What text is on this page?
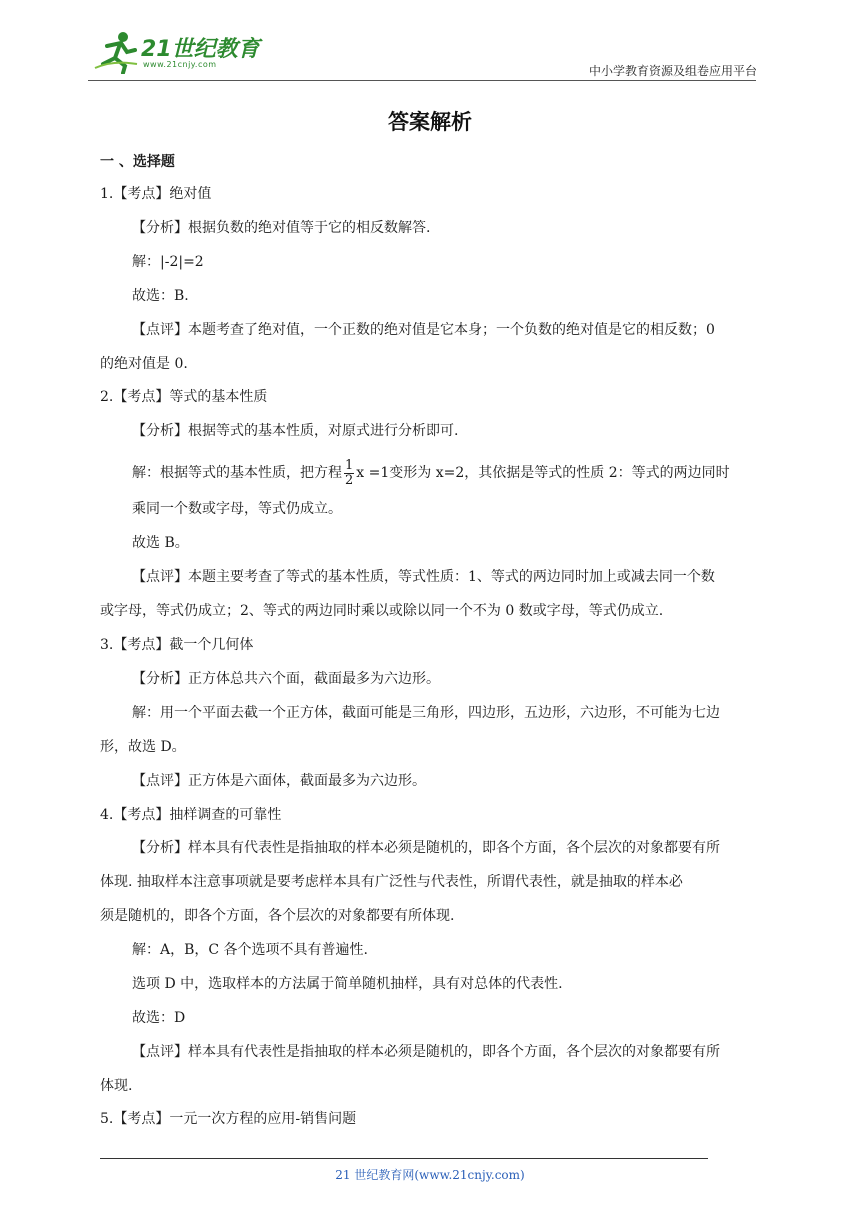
21世纪教育
www.21cnjy.com	中小学教育资源及组卷应用平台
答案解析
一 、选择题
1.【考点】绝对值
【分析】根据负数的绝对值等于它的相反数解答.
解：|-2|=2
故选：B.
【点评】本题考查了绝对值，一个正数的绝对值是它本身；一个负数的绝对值是它的相反数；0
的绝对值是 0.
2.【考点】等式的基本性质
【分析】根据等式的基本性质，对原式进行分析即可.
解：根据等式的基本性质，把方程 $\frac{1}{2}$ x =1变形为 x=2，其依据是等式的性质 2：等式的两边同时
乘同一个数或字母，等式仍成立。
故选 B。
【点评】本题主要考查了等式的基本性质，等式性质：1、等式的两边同时加上或减去同一个数
或字母，等式仍成立；2、等式的两边同时乘以或除以同一个不为 0 数或字母，等式仍成立.
3.【考点】截一个几何体
【分析】正方体总共六个面，截面最多为六边形。
解：用一个平面去截一个正方体，截面可能是三角形，四边形，五边形，六边形，不可能为七边
形，故选 D。
【点评】正方体是六面体，截面最多为六边形。
4.【考点】抽样调查的可靠性
【分析】样本具有代表性是指抽取的样本必须是随机的，即各个方面，各个层次的对象都要有所
体现. 抽取样本注意事项就是要考虑样本具有广泛性与代表性，所谓代表性，就是抽取的样本必
须是随机的，即各个方面，各个层次的对象都要有所体现.
解：A，B，C 各个选项不具有普遍性.
选项 D 中，选取样本的方法属于简单随机抽样，具有对总体的代表性.
故选：D
【点评】样本具有代表性是指抽取的样本必须是随机的，即各个方面，各个层次的对象都要有所
体现.
5.【考点】一元一次方程的应用-销售问题
21 世纪教育网(www.21cnjy.com)
